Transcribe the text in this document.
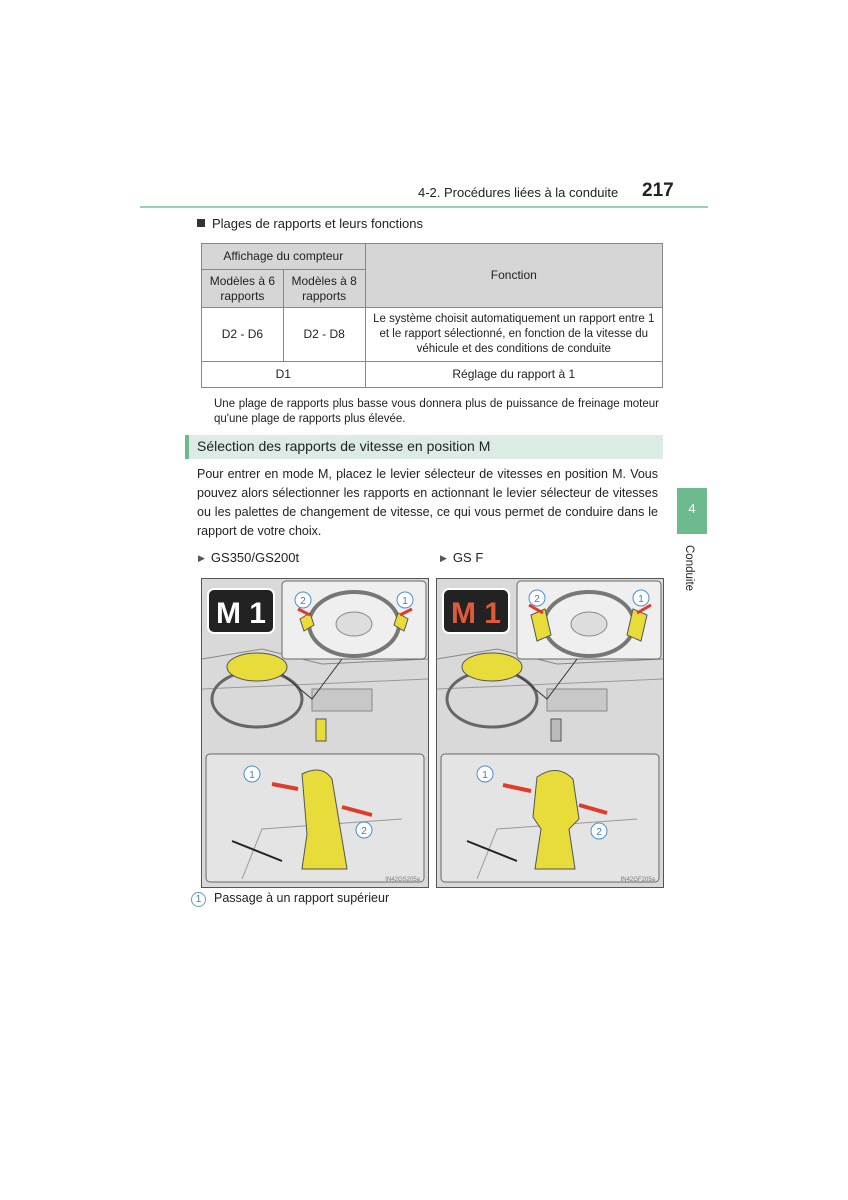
4-2. Procédures liées à la conduite 217
Plages de rapports et leurs fonctions
Affichage du compteur		Fonction
Modèles à 6 rapports	Modèles à 8 rapports	
D2 - D6	D2 - D8	Le système choisit automatiquement un rapport entre 1 et le rapport sélectionné, en fonction de la vitesse du véhicule et des conditions de conduite
D1		Réglage du rapport à 1
Une plage de rapports plus basse vous donnera plus de puissance de freinage moteur qu'une plage de rapports plus élevée.
Sélection des rapports de vitesse en position M
Pour entrer en mode M, placez le levier sélecteur de vitesses en position M. Vous pouvez alors sélectionner les rapports en actionnant le levier sélecteur de vitesses ou les palettes de changement de vitesse, ce qui vous permet de conduire dans le rapport de votre choix.
▶ GS350/GS200t	▶ GS F
2	1
M 1
1
2
IN42GS205a
2	1
M 1
1
2
IN42GF205a
4
Conduite
1 Passage à un rapport supérieur
